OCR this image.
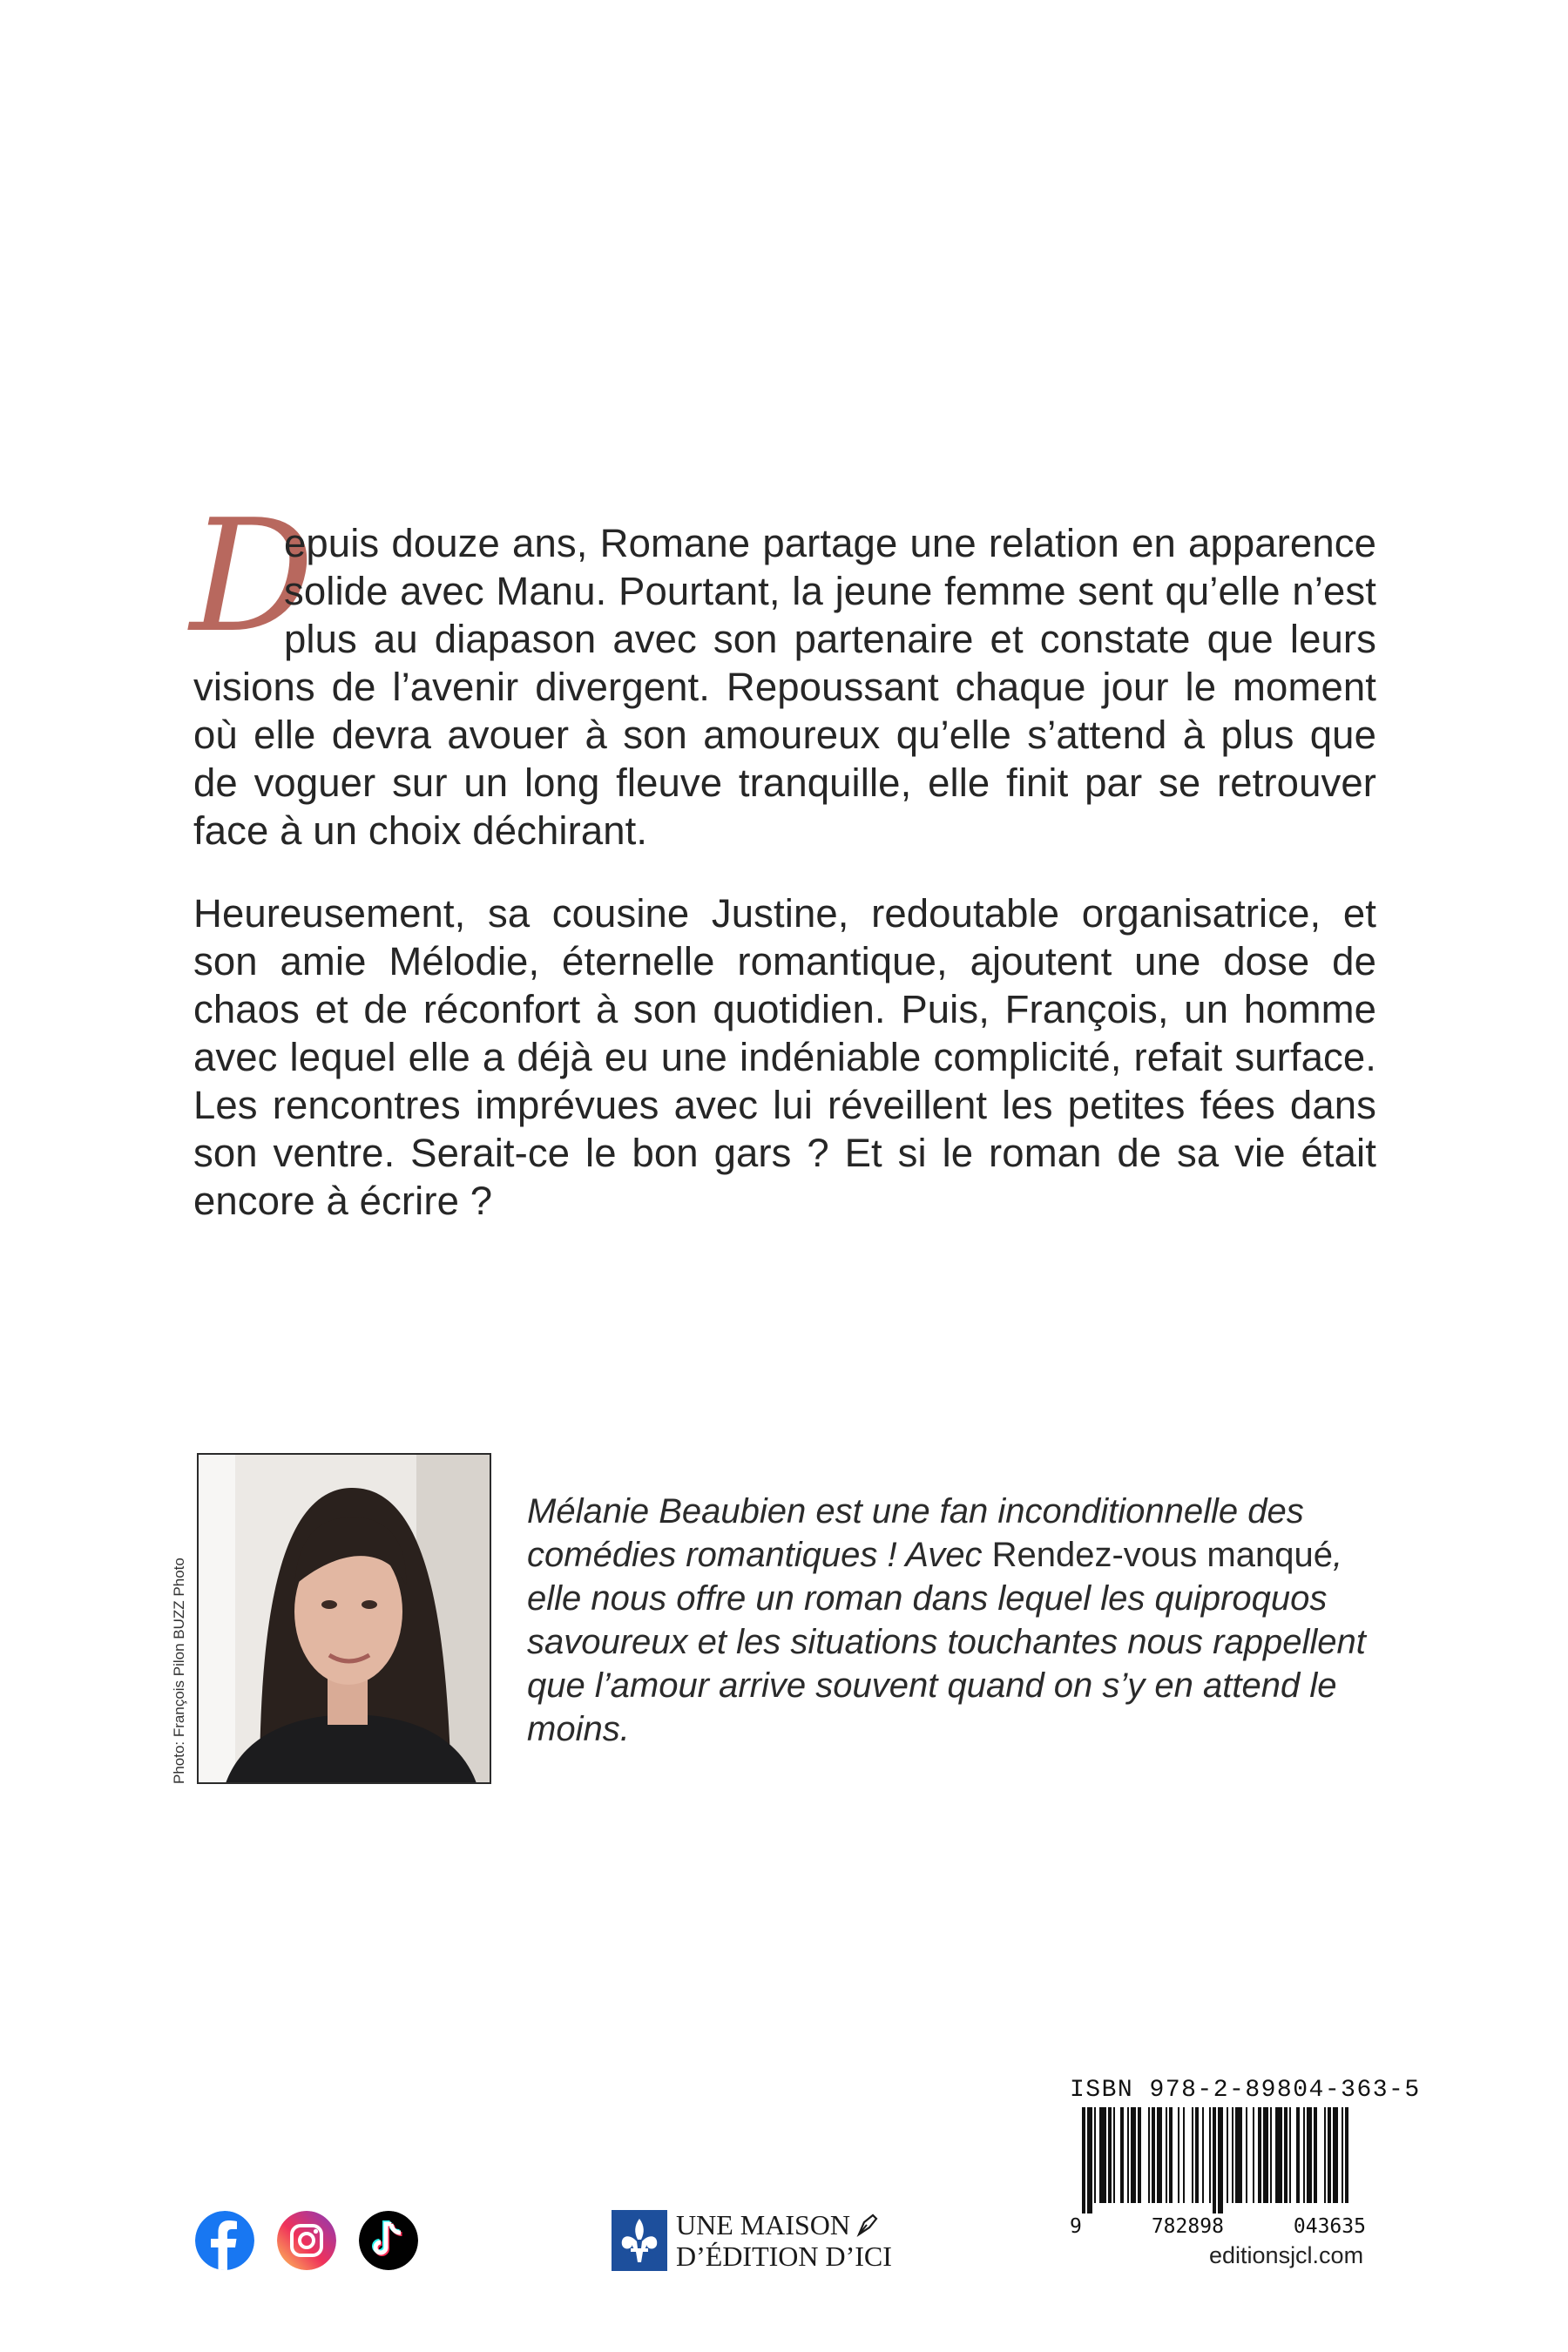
D
epuis douze ans, Romane partage une relation en apparence solide avec Manu. Pourtant, la jeune femme sent qu’elle n’est plus au diapason avec son partenaire et constate que leurs visions de l’avenir divergent. Repoussant chaque jour le moment où elle devra avouer à son amoureux qu’elle s’attend à plus que de voguer sur un long fleuve tranquille, elle finit par se retrouver face à un choix déchirant.

Heureusement, sa cousine Justine, redoutable organisatrice, et son amie Mélodie, éternelle romantique, ajoutent une dose de chaos et de réconfort à son quotidien. Puis, François, un homme avec lequel elle a déjà eu une indéniable complicité, refait surface. Les rencontres imprévues avec lui réveillent les petites fées dans son ventre. Serait-ce le bon gars ? Et si le roman de sa vie était encore à écrire ?

Photo: François Pilon BUZZ Photo
Mélanie Beaubien est une fan inconditionnelle des comédies romantiques ! Avec Rendez-vous manqué, elle nous offre un roman dans lequel les quiproquos savoureux et les situations touchantes nous rappellent que l’amour arrive souvent quand on s’y en attend le moins.
UNE MAISON
D’ÉDITION D’ICI
ISBN 978-2-89804-363-5
9	782898	043635
editionsjcl.com
